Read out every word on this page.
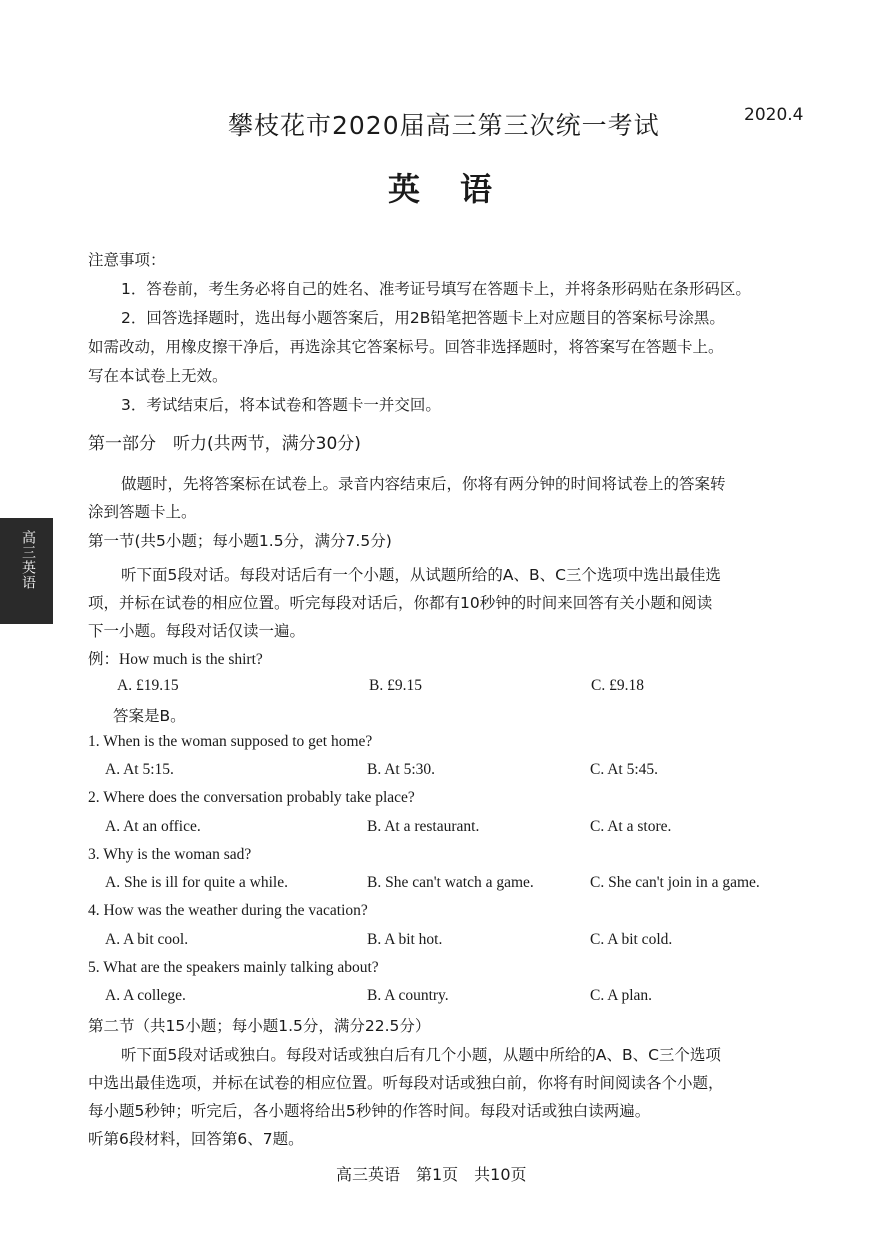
攀枝花市2020届高三第三次统一考试	2020.4
英语
高三英语
注意事项：
1．答卷前，考生务必将自己的姓名、准考证号填写在答题卡上，并将条形码贴在条形码区。
2．回答选择题时，选出每小题答案后，用2B铅笔把答题卡上对应题目的答案标号涂黑。
如需改动，用橡皮擦干净后，再选涂其它答案标号。回答非选择题时，将答案写在答题卡上。
写在本试卷上无效。
3．考试结束后，将本试卷和答题卡一并交回。
第一部分　听力(共两节，满分30分)
做题时，先将答案标在试卷上。录音内容结束后，你将有两分钟的时间将试卷上的答案转
涂到答题卡上。
第一节(共5小题；每小题1.5分，满分7.5分)
听下面5段对话。每段对话后有一个小题，从试题所给的A、B、C三个选项中选出最佳选
项，并标在试卷的相应位置。听完每段对话后，你都有10秒钟的时间来回答有关小题和阅读
下一小题。每段对话仅读一遍。
例：How much is the shirt?
A. £19.15	B. £9.15	C. £9.18
答案是B。
1. When is the woman supposed to get home?
A. At 5:15.	B. At 5:30.	C. At 5:45.
2. Where does the conversation probably take place?
A. At an office.	B. At a restaurant.	C. At a store.
3. Why is the woman sad?
A. She is ill for quite a while.	B. She can't watch a game.	C. She can't join in a game.
4. How was the weather during the vacation?
A. A bit cool.	B. A bit hot.	C. A bit cold.
5. What are the speakers mainly talking about?
A. A college.	B. A country.	C. A plan.
第二节（共15小题；每小题1.5分，满分22.5分）
听下面5段对话或独白。每段对话或独白后有几个小题，从题中所给的A、B、C三个选项
中选出最佳选项，并标在试卷的相应位置。听每段对话或独白前，你将有时间阅读各个小题，
每小题5秒钟；听完后，各小题将给出5秒钟的作答时间。每段对话或独白读两遍。
听第6段材料，回答第6、7题。
高三英语　第1页　共10页
